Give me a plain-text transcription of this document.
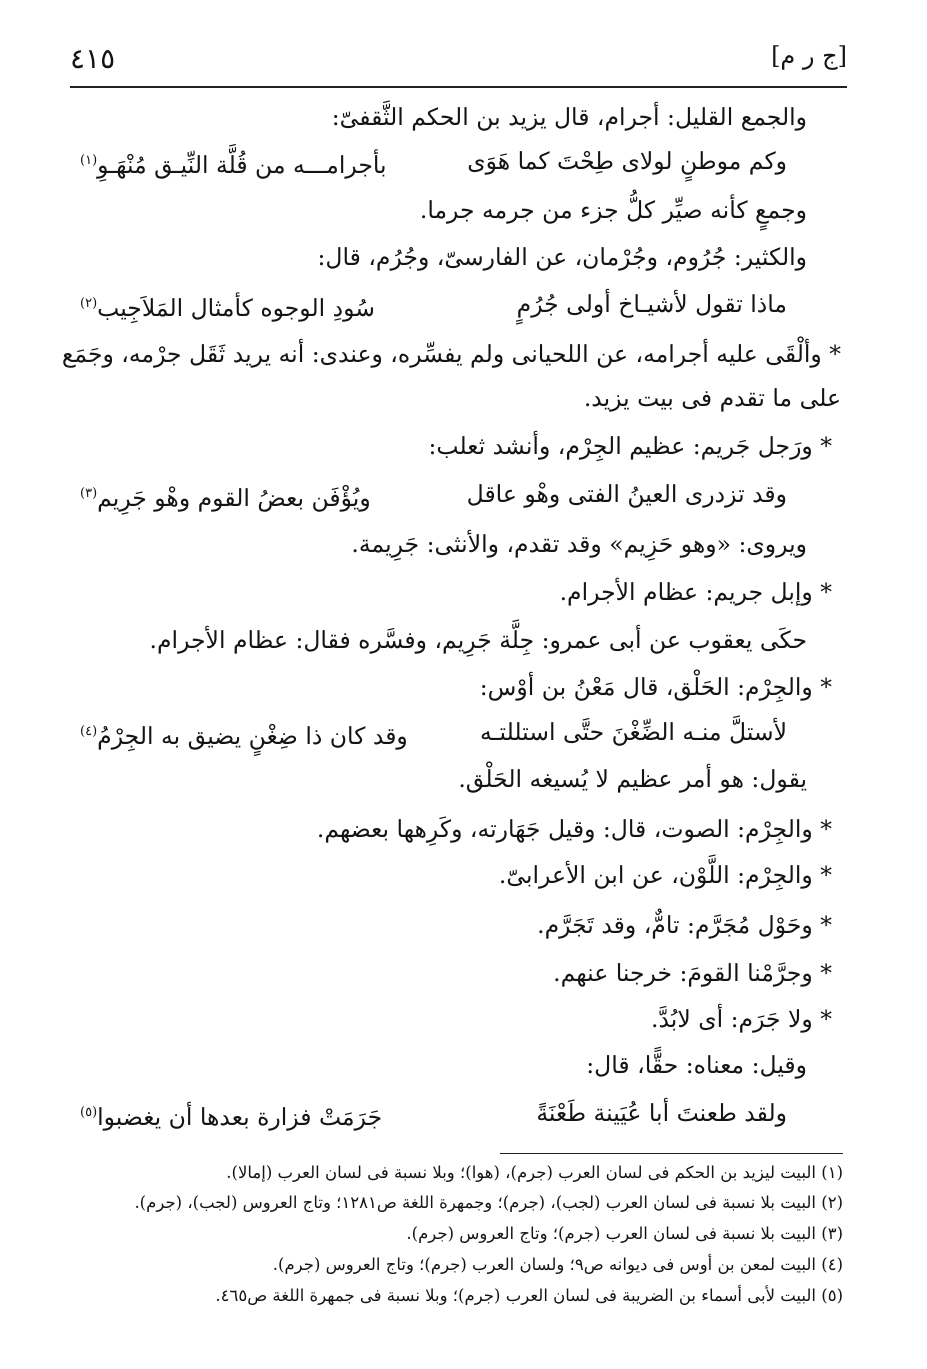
[ج ر م]
٤١٥
والجمع القليل: أجرام، قال يزيد بن الحكم الثَّقفىّ:
وكم موطنٍ لولاى طِحْتَ كما هَوَى
بأجرامـــه من قُلَّة النِّيـق مُنْهَـوِ$^{(١)}$
وجمعٍ كأنه صيِّر كلُّ جزء من جرمه جرما.
والكثير: جُرُوم، وجُرْمان، عن الفارسىّ، وجُرُم، قال:
ماذا تقول لأشيـاخ أولى جُرُمٍ
سُودِ الوجوه كأمثال المَلاَجِيب$^{(٢)}$
* وألْقَى عليه أجرامه، عن اللحيانى ولم يفسِّره، وعندى: أنه يريد ثَقَل جرْمه، وجَمَع
على ما تقدم فى بيت يزيد.
* ورَجل جَريم: عظيم الجِرْم، وأنشد ثعلب:
وقد تزدرى العينُ الفتى وهْو عاقل
ويُؤْفَن بعضُ القوم وهْو جَرِيم$^{(٣)}$
ويروى: «وهو حَزِيم» وقد تقدم، والأنثى: جَرِيمة.
* وإبل جريم: عظام الأجرام.
حكَى يعقوب عن أبى عمرو: جِلَّة جَرِيم، وفسَّره فقال: عظام الأجرام.
* والجِرْم: الحَلْق، قال مَعْنُ بن أوْس:
لأستلَّ منـه الضِّغْنَ حتَّى استللتـه
وقد كان ذا ضِغْنٍ يضيق به الجِرْمُ$^{(٤)}$
يقول: هو أمر عظيم لا يُسيغه الحَلْق.
* والجِرْم: الصوت، قال: وقيل جَهَارته، وكَرِهها بعضهم.
* والجِرْم: اللَّوْن، عن ابن الأعرابىّ.
* وحَوْل مُجَرَّم: تامٌّ، وقد تَجَرَّم.
* وجرَّمْنا القومَ: خرجنا عنهم.
* ولا جَرَم: أى لابُدَّ.
وقيل: معناه: حقًّا، قال:
ولقد طعنتَ أبا عُيَينة طَعْنَةً
جَرَمَتْ فزارة بعدها أن يغضبوا$^{(٥)}$
(١) البيت ليزيد بن الحكم فى لسان العرب (جرم)، (هوا)؛ وبلا نسبة فى لسان العرب (إمالا).
(٢) البيت بلا نسبة فى لسان العرب (لجب)، (جرم)؛ وجمهرة اللغة ص١٢٨١؛ وتاج العروس (لجب)، (جرم).
(٣) البيت بلا نسبة فى لسان العرب (جرم)؛ وتاج العروس (جرم).
(٤) البيت لمعن بن أوس فى ديوانه ص٩؛ ولسان العرب (جرم)؛ وتاج العروس (جرم).
(٥) البيت لأبى أسماء بن الضريبة فى لسان العرب (جرم)؛ وبلا نسبة فى جمهرة اللغة ص٤٦٥.
